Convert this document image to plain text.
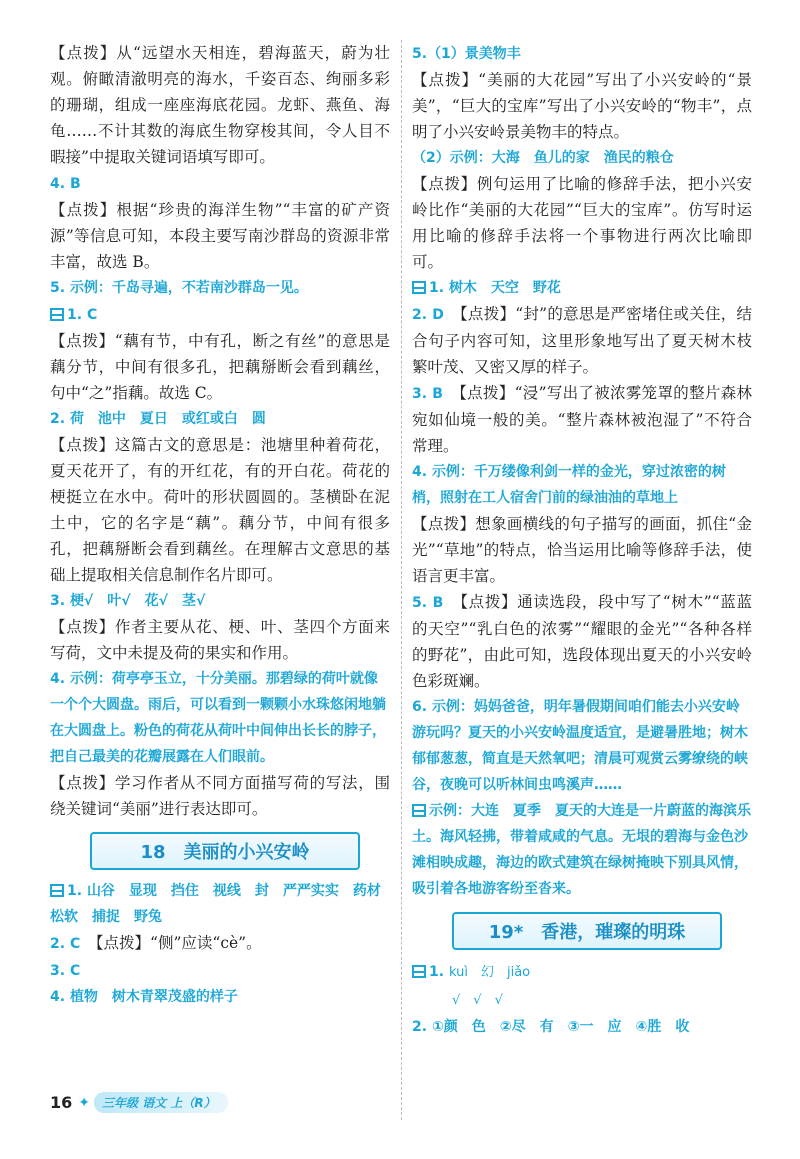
【点拨】从“远望水天相连，碧海蓝天，蔚为壮观。俯瞰清澈明亮的海水，千姿百态、绚丽多彩的珊瑚，组成一座座海底花园。龙虾、燕鱼、海龟……不计其数的海底生物穿梭其间，令人目不暇接”中提取关键词语填写即可。

4. B

【点拨】根据“珍贵的海洋生物”“丰富的矿产资源”等信息可知，本段主要写南沙群岛的资源非常丰富，故选 B。

5. 示例：千岛寻遍，不若南沙群岛一见。

1. C

【点拨】“藕有节，中有孔，断之有丝”的意思是藕分节，中间有很多孔，把藕掰断会看到藕丝，句中“之”指藕。故选 C。

2. 荷　池中　夏日　或红或白　圆

【点拨】这篇古文的意思是：池塘里种着荷花，夏天花开了，有的开红花，有的开白花。荷花的梗挺立在水中。荷叶的形状圆圆的。茎横卧在泥土中，它的名字是“藕”。藕分节，中间有很多孔，把藕掰断会看到藕丝。在理解古文意思的基础上提取相关信息制作名片即可。

3. 梗√　叶√　花√　茎√

【点拨】作者主要从花、梗、叶、茎四个方面来写荷，文中未提及荷的果实和作用。

4. 示例：荷亭亭玉立，十分美丽。那碧绿的荷叶就像一个个大圆盘。雨后，可以看到一颗颗小水珠悠闲地躺在大圆盘上。粉色的荷花从荷叶中间伸出长长的脖子，把自己最美的花瓣展露在人们眼前。

【点拨】学习作者从不同方面描写荷的写法，围绕关键词“美丽”进行表达即可。

18　美丽的小兴安岭

1. 山谷　显现　挡住　视线　封　严严实实　药材　松软　捕捉　野兔

2. C　 【点拨】“侧”应读“cè”。

3. C

4. 植物　树木青翠茂盛的样子

5.（1）景美物丰

【点拨】“美丽的大花园”写出了小兴安岭的“景美”，“巨大的宝库”写出了小兴安岭的“物丰”，点明了小兴安岭景美物丰的特点。

（2）示例：大海　鱼儿的家　渔民的粮仓

【点拨】例句运用了比喻的修辞手法，把小兴安岭比作“美丽的大花园”“巨大的宝库”。仿写时运用比喻的修辞手法将一个事物进行两次比喻即可。

1. 树木　天空　野花

2. D　 【点拨】“封”的意思是严密堵住或关住，结合句子内容可知，这里形象地写出了夏天树木枝繁叶茂、又密又厚的样子。

3. B　 【点拨】“浸”写出了被浓雾笼罩的整片森林宛如仙境一般的美。“整片森林被泡湿了”不符合常理。

4. 示例：千万缕像利剑一样的金光，穿过浓密的树梢，照射在工人宿舍门前的绿油油的草地上

【点拨】想象画横线的句子描写的画面，抓住“金光”“草地”的特点，恰当运用比喻等修辞手法，使语言更丰富。

5. B　 【点拨】通读选段，段中写了“树木”“蓝蓝的天空”“乳白色的浓雾”“耀眼的金光”“各种各样的野花”，由此可知，选段体现出夏天的小兴安岭色彩斑斓。

6. 示例：妈妈爸爸，明年暑假期间咱们能去小兴安岭游玩吗？夏天的小兴安岭温度适宜，是避暑胜地；树木郁郁葱葱，简直是天然氧吧；清晨可观赏云雾缭绕的峡谷，夜晚可以听林间虫鸣溪声……

示例：大连　夏季　夏天的大连是一片蔚蓝的海滨乐土。海风轻拂，带着咸咸的气息。无垠的碧海与金色沙滩相映成趣，海边的欧式建筑在绿树掩映下别具风情，吸引着各地游客纷至沓来。

19*　香港，璀璨的明珠

1. kuì　幻　jiǎo
√　√　√

2. ①颜　色　②尽　有　③一　应　④胜　收

16 ✦	三年级 语文 上（R）
